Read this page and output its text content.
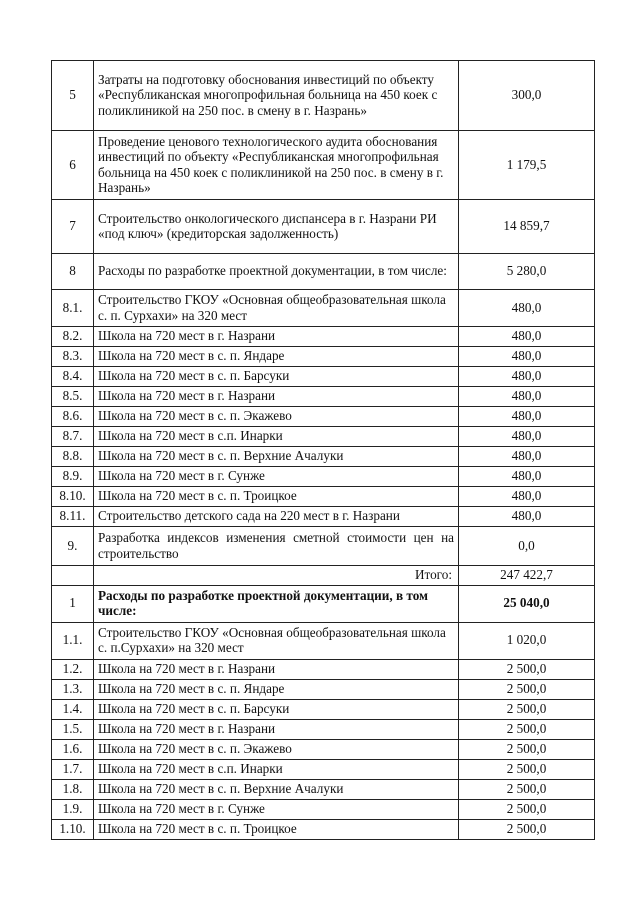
5	Затраты на подготовку обоснования инвестиций по объекту «Республиканская многопрофильная больница на 450 коек с поликлиникой на 250 пос. в смену в г. Назрань»	300,0
6	Проведение ценового технологического аудита обоснования инвестиций по объекту «Республиканская многопрофильная больница на 450 коек с поликлиникой на 250 пос. в смену в г. Назрань»	1 179,5
7	Строительство онкологического диспансера в г. Назрани РИ «под ключ» (кредиторская задолженность)	14 859,7
8	Расходы по разработке проектной документации, в том числе:	5 280,0
8.1.	Строительство ГКОУ «Основная общеобразовательная школа с. п. Сурхахи» на 320 мест	480,0
8.2.	Школа на 720 мест в г. Назрани	480,0
8.3.	Школа на 720 мест в с. п. Яндаре	480,0
8.4.	Школа на 720 мест в с. п. Барсуки	480,0
8.5.	Школа на 720 мест в г. Назрани	480,0
8.6.	Школа на 720 мест в с. п. Экажево	480,0
8.7.	Школа на 720 мест в с.п. Инарки	480,0
8.8.	Школа на 720 мест в с. п. Верхние Ачалуки	480,0
8.9.	Школа на 720 мест в г. Сунже	480,0
8.10.	Школа на 720 мест в с. п. Троицкое	480,0
8.11.	Строительство детского сада на 220 мест в г. Назрани	480,0
9.	Разработка индексов изменения сметной стоимости цен на строительство	0,0
	Итого:	247 422,7
1	Расходы по разработке проектной документации, в том числе:	25 040,0
1.1.	Строительство ГКОУ «Основная общеобразовательная школа с. п.Сурхахи» на 320 мест	1 020,0
1.2.	Школа на 720 мест в г. Назрани	2 500,0
1.3.	Школа на 720 мест в с. п. Яндаре	2 500,0
1.4.	Школа на 720 мест в с. п. Барсуки	2 500,0
1.5.	Школа на 720 мест в г. Назрани	2 500,0
1.6.	Школа на 720 мест в с. п. Экажево	2 500,0
1.7.	Школа на 720 мест в с.п. Инарки	2 500,0
1.8.	Школа на 720 мест в с. п. Верхние Ачалуки	2 500,0
1.9.	Школа на 720 мест в г. Сунже	2 500,0
1.10.	Школа на 720 мест в с. п. Троицкое	2 500,0
